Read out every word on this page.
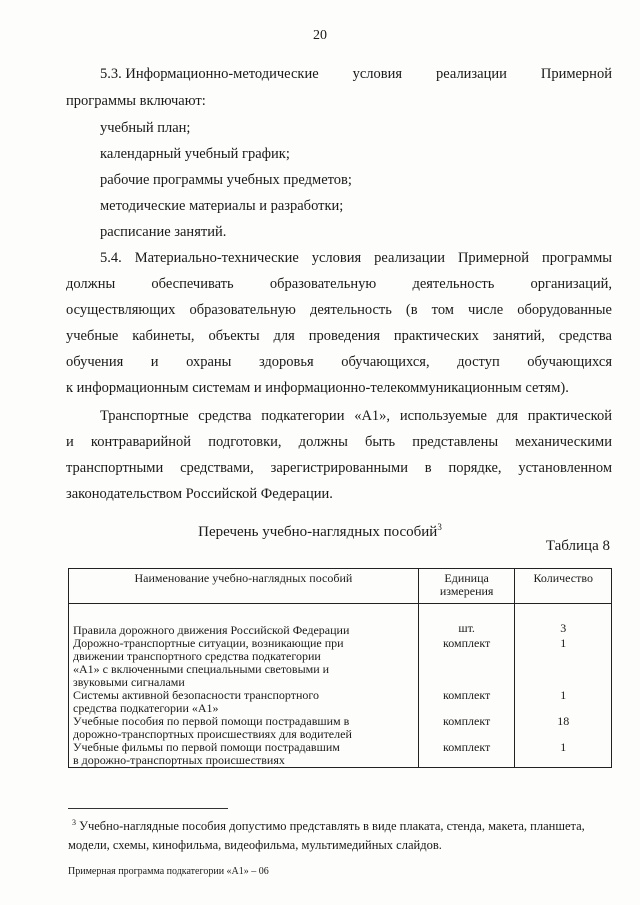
20
5.3. Информационно-методические условия реализации Примерной
программы включают:
учебный план;
календарный учебный график;
рабочие программы учебных предметов;
методические материалы и разработки;
расписание занятий.
5.4. Материально-технические условия реализации Примерной программы
должны обеспечивать образовательную деятельность организаций,
осуществляющих образовательную деятельность (в том числе оборудованные
учебные кабинеты, объекты для проведения практических занятий, средства
обучения и охраны здоровья обучающихся, доступ обучающихся
к информационным системам и информационно-телекоммуникационным сетям).
Транспортные средства подкатегории «А1», используемые для практической
и контраварийной подготовки, должны быть представлены механическими
транспортными средствами, зарегистрированными в порядке, установленном
законодательством Российской Федерации.
Перечень учебно-наглядных пособий$^3$
Таблица 8
Наименование учебно-наглядных пособий	Единица измерения	Количество
Правила дорожного движения Российской Федерации	шт.	3
Дорожно-транспортные ситуации, возникающие при движении транспортного средства подкатегории «А1» с включенными специальными световыми и звуковыми сигналами	комплект	1
Системы активной безопасности транспортного средства подкатегории «А1»	комплект	1
Учебные пособия по первой помощи пострадавшим в дорожно-транспортных происшествиях для водителей	комплект	18
Учебные фильмы по первой помощи пострадавшим в дорожно-транспортных происшествиях	комплект	1
$^3$ Учебно-наглядные пособия допустимо представлять в виде плаката, стенда, макета, планшета, модели, схемы, кинофильма, видеофильма, мультимедийных слайдов.
Примерная программа подкатегории «А1» – 06
